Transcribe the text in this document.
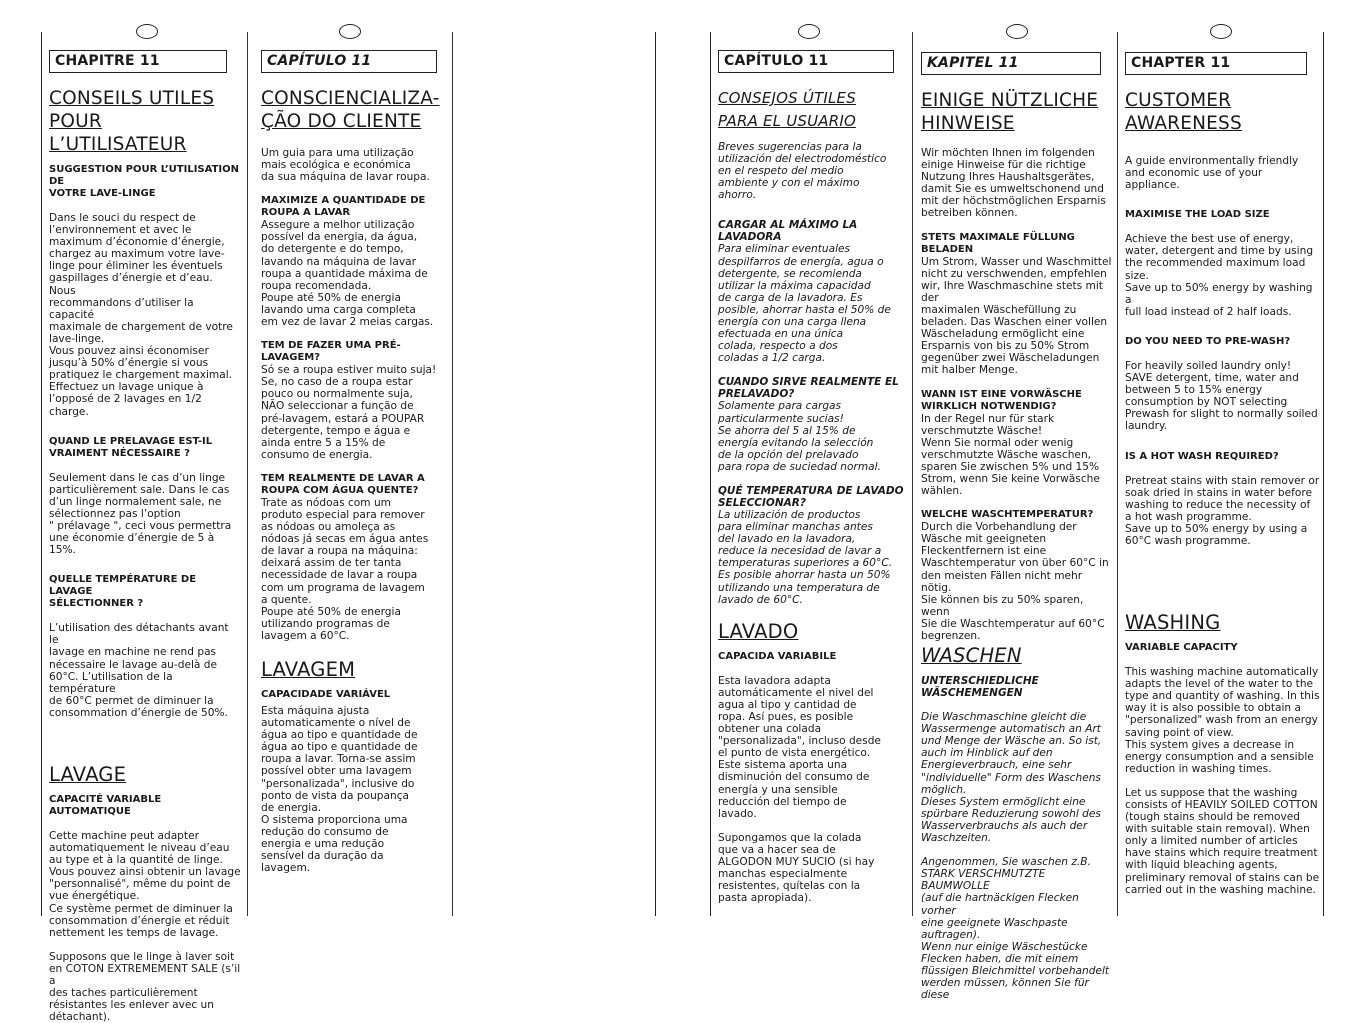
CHAPITRE 11
CONSEILS UTILES
POUR L’UTILISATEUR
SUGGESTION POUR L’UTILISATION DE
VOTRE LAVE-LINGE
Dans le souci du respect de
l’environnement et avec le
maximum d’économie d’énergie,
chargez au maximum votre lave-
linge pour éliminer les éventuels
gaspillages d’énergie et d’eau. Nous
recommandons d’utiliser la capacité
maximale de chargement de votre
lave-linge.
Vous pouvez ainsi économiser
jusqu’à 50% d’énergie si vous
pratiquez le chargement maximal.
Effectuez un lavage unique à
l’opposé de 2 lavages en 1/2
charge.
QUAND LE PRELAVAGE EST-IL
VRAIMENT NÉCESSAIRE ?
Seulement dans le cas d’un linge
particulièrement sale. Dans le cas
d’un linge normalement sale, ne
sélectionnez pas l’option
" prélavage ", ceci vous permettra
une économie d’énergie de 5 à
15%.
QUELLE TEMPÉRATURE DE LAVAGE
SÉLECTIONNER ?
L’utilisation des détachants avant le
lavage en machine ne rend pas
nécessaire le lavage au-delà de
60°C. L’utilisation de la température
de 60°C permet de diminuer la
consommation d’énergie de 50%.
LAVAGE
CAPACITÉ VARIABLE
AUTOMATIQUE
Cette machine peut adapter
automatiquement le niveau d’eau
au type et à la quantité de linge.
Vous pouvez ainsi obtenir un lavage
"personnalisé", même du point de
vue énergétique.
Ce système permet de diminuer la
consommation d’énergie et réduit
nettement les temps de lavage.
Supposons que le linge à laver soit
en COTON EXTREMEMENT SALE (s’il a
des taches particulièrement
résistantes les enlever avec un
détachant).
CAPÍTULO 11
CONSCIENCIALIZA-
ÇÃO DO CLIENTE
Um guia para uma utilização
mais ecológica e económica
da sua máquina de lavar roupa.
MAXIMIZE A QUANTIDADE DE
ROUPA A LAVAR
Assegure a melhor utilização
possível da energia, da água,
do detergente e do tempo,
lavando na máquina de lavar
roupa a quantidade máxima de
roupa recomendada.
Poupe até 50% de energia
lavando uma carga completa
em vez de lavar 2 meias cargas.
TEM DE FAZER UMA PRÉ-
LAVAGEM?
Só se a roupa estiver muito suja!
Se, no caso de a roupa estar
pouco ou normalmente suja,
NÃO seleccionar a função de
pré-lavagem, estará a POUPAR
detergente, tempo e água e
ainda entre 5 a 15% de
consumo de energia.
TEM REALMENTE DE LAVAR A
ROUPA COM ÁGUA QUENTE?
Trate as nódoas com um
produto especial para remover
as nódoas ou amoleça as
nódoas já secas em água antes
de lavar a roupa na máquina:
deixará assim de ter tanta
necessidade de lavar a roupa
com um programa de lavagem
a quente.
Poupe até 50% de energia
utilizando programas de
lavagem a 60°C.
LAVAGEM
CAPACIDADE VARIÁVEL
Esta máquina ajusta
automaticamente o nível de
água ao tipo e quantidade de
água ao tipo e quantidade de
roupa a lavar. Torna-se assim
possível obter uma lavagem
"personalizada", inclusive do
ponto de vista da poupança
de energia.
O sistema proporciona uma
redução do consumo de
energia e uma redução
sensível da duração da
lavagem.
CAPÍTULO 11
CONSEJOS ÚTILES
PARA EL USUARIO
Breves sugerencias para la
utilización del electrodoméstico
en el respeto del medio
ambiente y con el máximo
ahorro.
CARGAR AL MÁXIMO LA
LAVADORA
Para eliminar eventuales
despilfarros de energía, agua o
detergente, se recomienda
utilizar la máxima capacidad
de carga de la lavadora. Es
posible, ahorrar hasta el 50% de
energía con una carga llena
efectuada en una única
colada, respecto a dos
coladas a 1/2 carga.
CUANDO SIRVE REALMENTE EL
PRELAVADO?
Solamente para cargas
particularmente sucias!
Se ahorra del 5 al 15% de
energía evitando la selección
de la opción del prelavado
para ropa de suciedad normal.
QUÉ TEMPERATURA DE LAVADO
SELECCIONAR?
La utilización de productos
para eliminar manchas antes
del lavado en la lavadora,
reduce la necesidad de lavar a
temperaturas superiores a 60°C.
Es posible ahorrar hasta un 50%
utilizando una temperatura de
lavado de 60°C.
LAVADO
CAPACIDA VARIABILE
Esta lavadora adapta
automáticamente el nivel del
agua al tipo y cantidad de
ropa. Así pues, es posible
obtener una colada
"personalizada", incluso desde
el punto de vista energético.
Este sistema aporta una
disminución del consumo de
energía y una sensible
reducción del tiempo de
lavado.
Supongamos que la colada
que va a hacer sea de
ALGODON MUY SUCIO (si hay
manchas especialmente
resistentes, quítelas con la
pasta apropiada).
KAPITEL 11
EINIGE NÜTZLICHE
HINWEISE
Wir möchten Ihnen im folgenden
einige Hinweise für die richtige
Nutzung Ihres Haushaltsgerätes,
damit Sie es umweltschonend und
mit der höchstmöglichen Ersparnis
betreiben können.
STETS MAXIMALE FÜLLUNG BELADEN
Um Strom, Wasser und Waschmittel
nicht zu verschwenden, empfehlen
wir, Ihre Waschmaschine stets mit der
maximalen Wäschefüllung zu
beladen. Das Waschen einer vollen
Wäscheladung ermöglicht eine
Ersparnis von bis zu 50% Strom
gegenüber zwei Wäscheladungen
mit halber Menge.
WANN IST EINE VORWÄSCHE
WIRKLICH NOTWENDIG?
In der Regel nur für stark
verschmutzte Wäsche!
Wenn Sie normal oder wenig
verschmutzte Wäsche waschen,
sparen Sie zwischen 5% und 15%
Strom, wenn Sie keine Vorwäsche
wählen.
WELCHE WASCHTEMPERATUR?
Durch die Vorbehandlung der
Wäsche mit geeigneten
Fleckentfernern ist eine
Waschtemperatur von über 60°C in
den meisten Fällen nicht mehr nötig.
Sie können bis zu 50% sparen, wenn
Sie die Waschtemperatur auf 60°C
begrenzen.
WASCHEN
UNTERSCHIEDLICHE WÄSCHEMENGEN
Die Waschmaschine gleicht die
Wassermenge automatisch an Art
und Menge der Wäsche an. So ist,
auch im Hinblick auf den
Energieverbrauch, eine sehr
"individuelle" Form des Waschens
möglich.
Dieses System ermöglicht eine
spürbare Reduzierung sowohl des
Wasserverbrauchs als auch der
Waschzeiten.
Angenommen, Sie waschen z.B.
STARK VERSCHMUTZTE BAUMWOLLE
(auf die hartnäckigen Flecken vorher
eine geeignete Waschpaste
auftragen).
Wenn nur einige Wäschestücke
Flecken haben, die mit einem
flüssigen Bleichmittel vorbehandelt
werden müssen, können Sie für diese
CHAPTER 11
CUSTOMER
AWARENESS
A guide environmentally friendly
and economic use of your
appliance.
MAXIMISE THE LOAD SIZE
Achieve the best use of energy,
water, detergent and time by using
the recommended maximum load
size.
Save up to 50% energy by washing a
full load instead of 2 half loads.
DO YOU NEED TO PRE-WASH?
For heavily soiled laundry only!
SAVE detergent, time, water and
between 5 to 15% energy
consumption by NOT selecting
Prewash for slight to normally soiled
laundry.
IS A HOT WASH REQUIRED?
Pretreat stains with stain remover or
soak dried in stains in water before
washing to reduce the necessity of
a hot wash programme.
Save up to 50% energy by using a
60°C wash programme.
WASHING
VARIABLE CAPACITY
This washing machine automatically
adapts the level of the water to the
type and quantity of washing. In this
way it is also possible to obtain a
"personalized" wash from an energy
saving point of view.
This system gives a decrease in
energy consumption and a sensible
reduction in washing times.
Let us suppose that the washing
consists of HEAVILY SOILED COTTON
(tough stains should be removed
with suitable stain removal). When
only a limited number of articles
have stains which require treatment
with liquid bleaching agents,
preliminary removal of stains can be
carried out in the washing machine.
